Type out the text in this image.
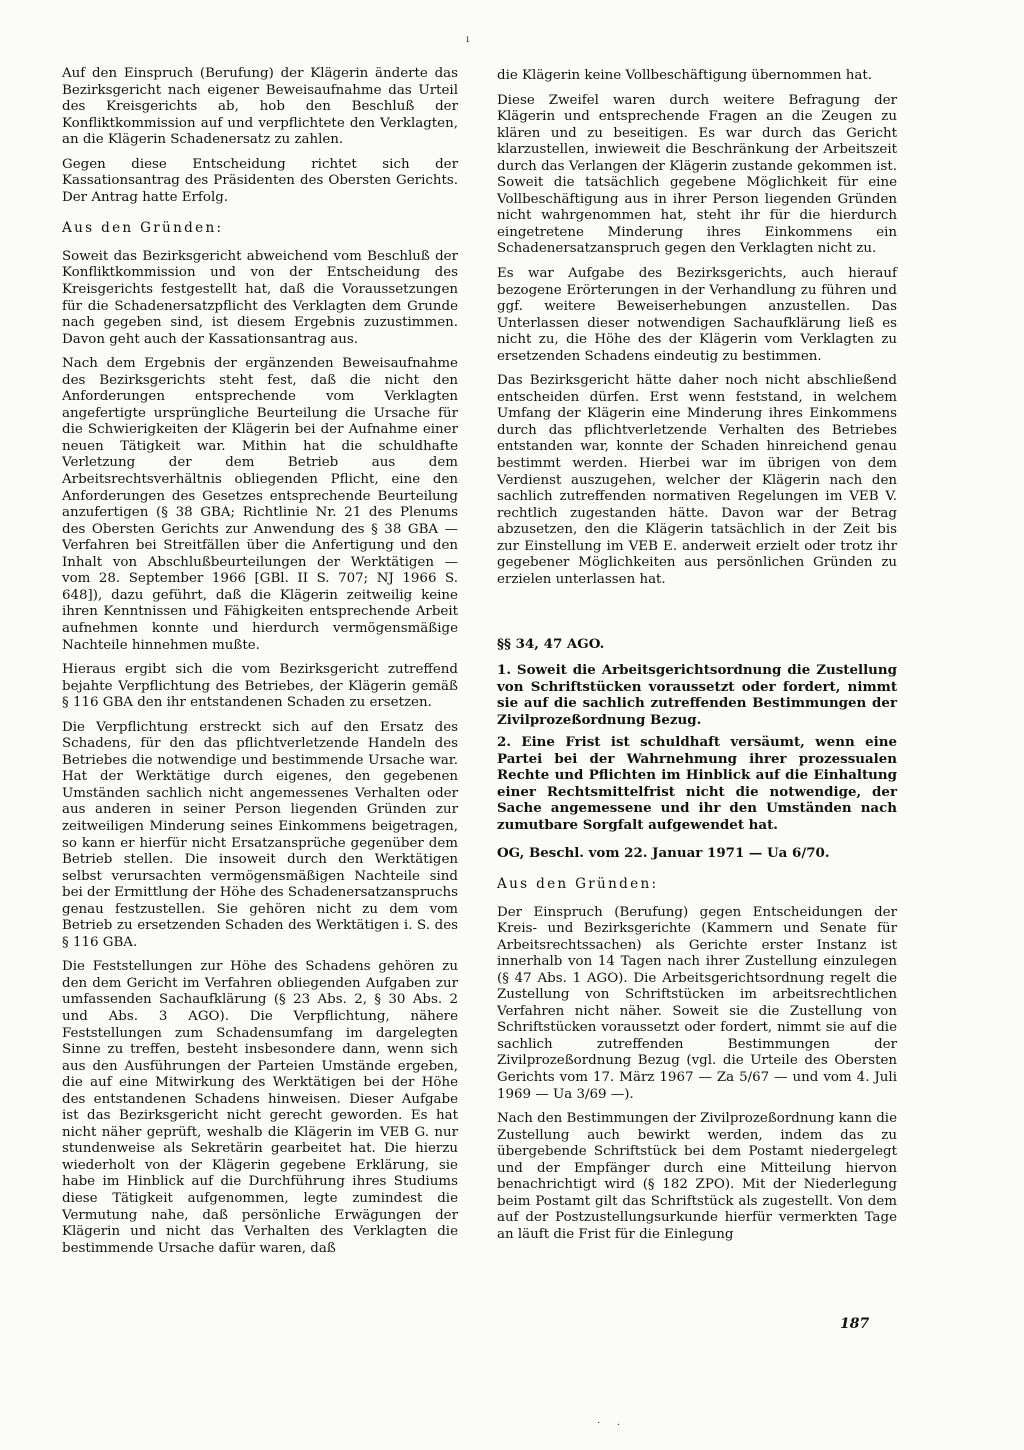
Auf den Einspruch (Berufung) der Klägerin änderte das Bezirksgericht nach eigener Beweisaufnahme das Urteil des Kreisgerichts ab, hob den Beschluß der Konfliktkommission auf und verpflichtete den Verklagten, an die Klägerin Schadenersatz zu zahlen.

Gegen diese Entscheidung richtet sich der Kassationsantrag des Präsidenten des Obersten Gerichts. Der Antrag hatte Erfolg.

Aus den Gründen:

Soweit das Bezirksgericht abweichend vom Beschluß der Konfliktkommission und von der Entscheidung des Kreisgerichts festgestellt hat, daß die Voraussetzungen für die Schadenersatzpflicht des Verklagten dem Grunde nach gegeben sind, ist diesem Ergebnis zuzustimmen. Davon geht auch der Kassationsantrag aus.

Nach dem Ergebnis der ergänzenden Beweisaufnahme des Bezirksgerichts steht fest, daß die nicht den Anforderungen entsprechende vom Verklagten angefertigte ursprüngliche Beurteilung die Ursache für die Schwierigkeiten der Klägerin bei der Aufnahme einer neuen Tätigkeit war. Mithin hat die schuldhafte Verletzung der dem Betrieb aus dem Arbeitsrechtsverhältnis obliegenden Pflicht, eine den Anforderungen des Gesetzes entsprechende Beurteilung anzufertigen (§ 38 GBA; Richtlinie Nr. 21 des Plenums des Obersten Gerichts zur Anwendung des § 38 GBA — Verfahren bei Streitfällen über die Anfertigung und den Inhalt von Abschlußbeurteilungen der Werktätigen — vom 28. September 1966 [GBl. II S. 707; NJ 1966 S. 648]), dazu geführt, daß die Klägerin zeitweilig keine ihren Kenntnissen und Fähigkeiten entsprechende Arbeit aufnehmen konnte und hierdurch vermögensmäßige Nachteile hinnehmen mußte.

Hieraus ergibt sich die vom Bezirksgericht zutreffend bejahte Verpflichtung des Betriebes, der Klägerin gemäß § 116 GBA den ihr entstandenen Schaden zu ersetzen.

Die Verpflichtung erstreckt sich auf den Ersatz des Schadens, für den das pflichtverletzende Handeln des Betriebes die notwendige und bestimmende Ursache war. Hat der Werktätige durch eigenes, den gegebenen Umständen sachlich nicht angemessenes Verhalten oder aus anderen in seiner Person liegenden Gründen zur zeitweiligen Minderung seines Einkommens beigetragen, so kann er hierfür nicht Ersatzansprüche gegenüber dem Betrieb stellen. Die insoweit durch den Werktätigen selbst verursachten vermögensmäßigen Nachteile sind bei der Ermittlung der Höhe des Schadenersatzanspruchs genau festzustellen. Sie gehören nicht zu dem vom Betrieb zu ersetzenden Schaden des Werktätigen i. S. des § 116 GBA.

Die Feststellungen zur Höhe des Schadens gehören zu den dem Gericht im Verfahren obliegenden Aufgaben zur umfassenden Sachaufklärung (§ 23 Abs. 2, § 30 Abs. 2 und Abs. 3 AGO). Die Verpflichtung, nähere Feststellungen zum Schadensumfang im dargelegten Sinne zu treffen, besteht insbesondere dann, wenn sich aus den Ausführungen der Parteien Umstände ergeben, die auf eine Mitwirkung des Werktätigen bei der Höhe des entstandenen Schadens hinweisen. Dieser Aufgabe ist das Bezirksgericht nicht gerecht geworden. Es hat nicht näher geprüft, weshalb die Klägerin im VEB G. nur stundenweise als Sekretärin gearbeitet hat. Die hierzu wiederholt von der Klägerin gegebene Erklärung, sie habe im Hinblick auf die Durchführung ihres Studiums diese Tätigkeit aufgenommen, legte zumindest die Vermutung nahe, daß persönliche Erwägungen der Klägerin und nicht das Verhalten des Verklagten die bestimmende Ursache dafür waren, daß

die Klägerin keine Vollbeschäftigung übernommen hat.

Diese Zweifel waren durch weitere Befragung der Klägerin und entsprechende Fragen an die Zeugen zu klären und zu beseitigen. Es war durch das Gericht klarzustellen, inwieweit die Beschränkung der Arbeitszeit durch das Verlangen der Klägerin zustande gekommen ist. Soweit die tatsächlich gegebene Möglichkeit für eine Vollbeschäftigung aus in ihrer Person liegenden Gründen nicht wahrgenommen hat, steht ihr für die hierdurch eingetretene Minderung ihres Einkommens ein Schadenersatzanspruch gegen den Verklagten nicht zu.

Es war Aufgabe des Bezirksgerichts, auch hierauf bezogene Erörterungen in der Verhandlung zu führen und ggf. weitere Beweiserhebungen anzustellen. Das Unterlassen dieser notwendigen Sachaufklärung ließ es nicht zu, die Höhe des der Klägerin vom Verklagten zu ersetzenden Schadens eindeutig zu bestimmen.

Das Bezirksgericht hätte daher noch nicht abschließend entscheiden dürfen. Erst wenn feststand, in welchem Umfang der Klägerin eine Minderung ihres Einkommens durch das pflichtverletzende Verhalten des Betriebes entstanden war, konnte der Schaden hinreichend genau bestimmt werden. Hierbei war im übrigen von dem Verdienst auszugehen, welcher der Klägerin nach den sachlich zutreffenden normativen Regelungen im VEB V. rechtlich zugestanden hätte. Davon war der Betrag abzusetzen, den die Klägerin tatsächlich in der Zeit bis zur Einstellung im VEB E. anderweit erzielt oder trotz ihr gegebener Möglichkeiten aus persönlichen Gründen zu erzielen unterlassen hat.

§§ 34, 47 AGO.

1. Soweit die Arbeitsgerichtsordnung die Zustellung von Schriftstücken voraussetzt oder fordert, nimmt sie auf die sachlich zutreffenden Bestimmungen der Zivilprozeßordnung Bezug.

2. Eine Frist ist schuldhaft versäumt, wenn eine Partei bei der Wahrnehmung ihrer prozessualen Rechte und Pflichten im Hinblick auf die Einhaltung einer Rechtsmittelfrist nicht die notwendige, der Sache angemessene und ihr den Umständen nach zumutbare Sorgfalt aufgewendet hat.

OG, Beschl. vom 22. Januar 1971 — Ua 6/70.

Aus den Gründen:

Der Einspruch (Berufung) gegen Entscheidungen der Kreis- und Bezirksgerichte (Kammern und Senate für Arbeitsrechtssachen) als Gerichte erster Instanz ist innerhalb von 14 Tagen nach ihrer Zustellung einzulegen (§ 47 Abs. 1 AGO). Die Arbeitsgerichtsordnung regelt die Zustellung von Schriftstücken im arbeitsrechtlichen Verfahren nicht näher. Soweit sie die Zustellung von Schriftstücken voraussetzt oder fordert, nimmt sie auf die sachlich zutreffenden Bestimmungen der Zivilprozeßordnung Bezug (vgl. die Urteile des Obersten Gerichts vom 17. März 1967 — Za 5/67 — und vom 4. Juli 1969 — Ua 3/69 —).

Nach den Bestimmungen der Zivilprozeßordnung kann die Zustellung auch bewirkt werden, indem das zu übergebende Schriftstück bei dem Postamt niedergelegt und der Empfänger durch eine Mitteilung hiervon benachrichtigt wird (§ 182 ZPO). Mit der Niederlegung beim Postamt gilt das Schriftstück als zugestellt. Von dem auf der Postzustellungsurkunde hierfür vermerkten Tage an läuft die Frist für die Einlegung

187
ı
· ·
